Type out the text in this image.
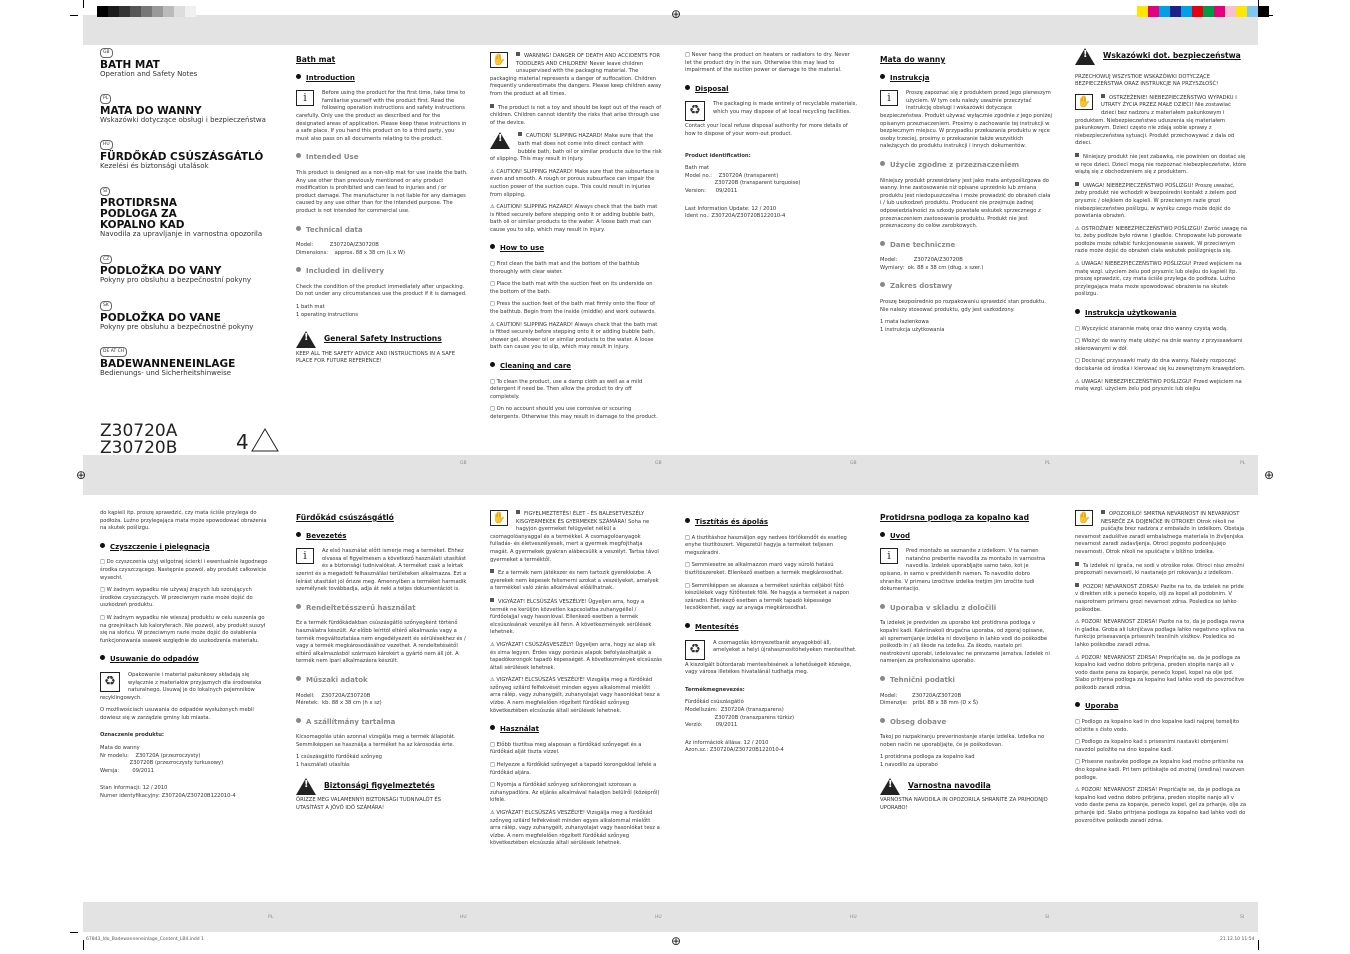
⊕
⊕
⊕	⊕
GB
BATH MAT
Operation and Safety Notes
PL
MATA DO WANNY
Wskazówki dotyczące obsługi i bezpieczeństwa
HU
FÜRDŐKÁD CSÚSZÁSGÁTLÓ
Kezelési és biztonsági utalások
SI
PROTIDRSNA PODLOGA ZA KOPALNO KAD
Navodila za upravljanje in varnostna opozorila
CZ
PODLOŽKA DO VANY
Pokyny pro obsluhu a bezpečnostní pokyny
SK
PODLOŽKA DO VANE
Pokyny pre obsluhu a bezpečnostné pokyny
DE AT CH
BADEWANNENEINLAGE
Bedienungs- und Sicherheitshinweise
Z30720A
Z30720B	4
Bath mat
Introduction

i	Before using the product for the first time, take time to familiarise yourself with the product first. Read the following operation instructions and safety instructions carefully. Only use the product as described and for the designated areas of application. Please keep these instructions in a safe place. If you hand this product on to a third party, you must also pass on all documents relating to the product.

Intended Use

This product is designed as a non-slip mat for use inside the bath. Any use other than previously mentioned or any product modification is prohibited and can lead to injuries and / or product damage. The manufacturer is not liable for any damages caused by any use other than for the intended purpose. The product is not intended for commercial use.

Technical data

Model:          Z30720A/Z30720B
Dimensions:    approx. 88 x 38 cm (L x W)

Included in delivery

Check the condition of the product immediately after unpacking. Do not under any circumstances use the product if it is damaged.

1 bath mat
1 operating instructions

!
General Safety Instructions

KEEP ALL THE SAFETY ADVICE AND INSTRUCTIONS IN A SAFE PLACE FOR FUTURE REFERENCE!

✋	WARNING! DANGER OF DEATH AND ACCIDENTS FOR TODDLERS AND CHILDREN! Never leave children unsupervised with the packaging material. The packaging material represents a danger of suffocation. Children frequently underestimate the dangers. Please keep children away from the product at all times.

The product is not a toy and should be kept out of the reach of children. Children cannot identify the risks that arise through use of the device.

!
CAUTION! SLIPPING HAZARD! Make sure that the bath mat does not come into direct contact with bubble bath, bath oil or similar products due to the risk of slipping. This may result in injury.

⚠ CAUTION! SLIPPING HAZARD! Make sure that the subsurface is even and smooth. A rough or porous subsurface can impair the suction power of the suction cups. This could result in injuries from slipping.

⚠ CAUTION! SLIPPING HAZARD! Always check that the bath mat is fitted securely before stepping onto it or adding bubble bath, bath oil or similar products to the water. A loose bath mat can cause you to slip, which may result in injury.

How to use

□ First clean the bath mat and the bottom of the bathtub thoroughly with clear water.

□ Place the bath mat with the suction feet on its underside on the bottom of the bath.

□ Press the suction feet of the bath mat firmly onto the floor of the bathtub. Begin from the inside (middle) and work outwards.

⚠ CAUTION! SLIPPING HAZARD! Always check that the bath mat is fitted securely before stepping onto it or adding bubble bath, shower gel, shower oil or similar products to the water. A loose bath can cause you to slip, which may result in injury.

Cleaning and care

□ To clean the product, use a damp cloth as well as a mild detergent if need be. Then allow the product to dry off completely.

□ On no account should you use corrosive or scouring detergents. Otherwise this may result in damage to the product.

□ Never hang the product on heaters or radiators to dry. Never let the product dry in the sun. Otherwise this may lead to impairment of the suction power or damage to the material.

Disposal

♻	The packaging is made entirely of recyclable materials, which you may dispose of at local recycling facilities.

Contact your local refuse disposal authority for more details of how to dispose of your worn-out product.

Product identification:

Bath mat
Model no.:    Z30720A (transparent)
Z30720B (transparent turquoise)
Version:      09/2011

Last Information Update: 12 / 2010
Ident no.: Z30720A/Z30720B122010-4

Mata do wanny
Instrukcja

i	Proszę zapoznać się z produktem przed jego pierwszym użyciem. W tym celu należy uważnie przeczytać instrukcję obsługi i wskazówki dotyczące bezpieczeństwa. Produkt używać wyłącznie zgodnie z jego poniżej opisanym przeznaczeniem. Prosimy o zachowanie tej instrukcji w bezpiecznym miejscu. W przypadku przekazania produktu w ręce osoby trzeciej, prosimy o przekazanie także wszystkich należących do produktu instrukcji i innych dokumentów.

Użycie zgodne z przeznaczeniem

Niniejszy produkt przewidziany jest jako mata antypoślizgowa do wanny. Inne zastosowanie niż opisane uprzednio lub zmiana produktu jest niedopuszczalna i może prowadzić do obrażeń ciała i / lub uszkodzeń produktu. Producent nie przejmuje żadnej odpowiedzialności za szkody powstałe wskutek sprzecznego z przeznaczeniem zastosowania produktu. Produkt nie jest przeznaczony do celów zarobkowych.

Dane techniczne

Model:          Z30720A/Z30720B
Wymiary:  ok. 88 x 38 cm (dług. x szer.)

Zakres dostawy

Proszę bezpośrednio po rozpakowaniu sprawdzić stan produktu. Nie należy stosować produktu, gdy jest uszkodzony.

1 mata łazienkowa
1 instrukcja użytkowania

!
Wskazówki dot. bezpieczeństwa

PRZECHOWUJ WSZYSTKIE WSKAZÓWKI DOTYCZĄCE BEZPIECZEŃSTWA ORAZ INSTRUKCJE NA PRZYSZŁOŚĆ!

✋	OSTRZEŻENIE! NIEBEZPIECZEŃSTWO WYPADKU I UTRATY ŻYCIA PRZEZ MAŁE DZIECI! Nie zostawiać dzieci bez nadzoru z materiałem pakunkowym i produktem. Niebezpieczeństwo uduszenia się materiałem pakunkowym. Dzieci często nie zdają sobie sprawy z niebezpieczeństwa sytuacji. Produkt przechowywać z dala od dzieci.

Niniejszy produkt nie jest zabawką, nie powinien on dostać się w ręce dzieci. Dzieci mogą nie rozpoznać niebezpieczeństw, które wiążą się z obchodzeniem się z produktem.

UWAGA! NIEBEZPIECZEŃSTWO POŚLIZGU! Proszę uważać, żeby produkt nie wchodził w bezpośredni kontakt z żelem pod prysznic / olejkiem do kąpieli. W przeciwnym razie grozi niebezpieczeństwo poślizgu, w wyniku czego może dojść do powstania obrażeń.

⚠ OSTROŻNIE! NIEBEZPIECZEŃSTWO POŚLIZGU! Zwróć uwagę na to, żeby podłoże było równe i gładkie. Chropowate lub porowate podłoże może ożłabić funkcjonowanie ssawek. W przeciwnym razie może dojść do obrażeń ciała wskutek poślizgnięcia się.

⚠ UWAGA! NIEBEZPIECZEŃSTWO POŚLIZGU! Przed wejściem na matę wzgl. użyciem żelu pod prysznic lub olejku do kąpieli itp. proszę sprawdzić, czy mata ściśle przylega do podłoża. Luźno przylegająca mata może spowodować obrażenia na skutek poślizgu.

Instrukcja użytkowania

□ Wyczyścić starannie matę oraz dno wanny czystą wodą.

□ Włożyć do wanny matę ułożyć na dnie wanny z przyssawkami skierowanymi w dół.

□ Docisnąć przyssawki maty do dna wanny. Należy rozpocząć dociskanie od środka i kierować się ku zewnętrznym krawędziom.

⚠ UWAGA! NIEBEZPIECZEŃSTWO POŚLIZGU! Przed wejściem na matę wzgl. użyciem żelu pod prysznic lub olejku

do kąpieli itp. proszę sprawdzić, czy mata ściśle przylega do podłoża. Luźno przylegająca mata może spowodować obrażenia na skutek poślizgu.

Czyszczenie i pielęgnacja

□ Do czyszczenia użyj wilgotnej ścierki i ewentualnie łagodnego środka czyszczącego. Następnie pozwól, aby produkt całkowicie wysechł.

□ W żadnym wypadku nie używaj żrących lub szorujących środków czyszczących. W przeciwnym razie może dojść do uszkodzeń produktu.

□ W żadnym wypadku nie wieszaj produktu w celu suszenia go na grzejnikach lub kaloryferach. Nie pozwól, aby produkt suszył się na słońcu. W przeciwnym razie może dojść do osłabienia funkcjonowania ssawek względnie do uszkodzenia materiału.

Usuwanie do odpadów

♻	Opakowanie i materiał pakunkowy składają się wyłącznie z materiałów przyjaznych dla środowiska naturalnego. Usuwaj je do lokalnych pojemników recyklingowych.

O możliwościach usuwania do odpadów wysłużonych mebli dowiesz się w zarządzie gminy lub miasta.

Oznaczenie produktu:

Mata do wanny
Nr modelu:    Z30720A (przezroczysty)
Z30720B (przezroczysty turkusowy)
Wersja:        09/2011

Stan informacji: 12 / 2010
Numer identyfikacyjny: Z30720A/Z30720B122010-4

Fürdőkád csúszásgátló
Bevezetés

i	Az első használat előtt ismerje meg a terméket. Ehhez olvassa el figyelmesen a következő használati utasítást és a biztonsági tudnivalókat. A terméket csak a leírtak szerint és a megadott felhasználási területeken alkalmazza. Ezt a leírást utasítást jól őrizze meg. Amennyiben a terméket harmadik személynek továbbadja, adja át neki a teljes dokumentációt is.

Rendeltetésszerű használat

Ez a termék fürdőkádakban csúszásgátló szőnyegként történő használatra készült. Az előbb leírttól eltérő alkalmazás vagy a termék megváltoztatása nem engedélyezett és sérülésekhez és / vagy a termék megkárosodásához vezethet. A rendeltetésétől eltérő alkalmazásból származó károkért a gyártó nem áll jót. A termék nem ipari alkalmazásra készült.

Műszaki adatok

Modell:    Z30720A/Z30720B
Méretek:  kb. 88 x 38 cm (h x sz)

A szállítmány tartalma

Kicsomagolás után azonnal vizsgálja meg a termék állapotát. Semmiképpen se használja a terméket ha az károsodás érte.

1 csúszásgátló fürdőkád szőnyeg
1 használati utasítás

!
Biztonsági figyelmeztetés

ŐRIZZE MEG VALAMENNYI BIZTONSÁGI TUDNIVALÓT ÉS UTASÍTÁST A JÖVŐ IDŐ SZÁMÁRA!

✋	FIGYELMEZTETÉS! ÉLET - ÉS BALESETVESZÉLY KISGYERMEKEK ÉS GYERMEKEK SZÁMÁRA! Soha ne hagyjon gyermeket felügyelet nélkül a csomagolóanyaggal és a termékkel. A csomagolóanyagok fulladás- és életveszélyesek, mert a gyermek megfojthatja magát. A gyermekek gyakran alábecsülik a veszélyt. Tartsa távol gyermeket a terméktől.

Ez a termék nem játékszer és nem tartozik gyerekkézbe. A gyerekek nem képesek felismerni azokat a veszélyeket, amelyek a termékkel való zárás alkalmával előállhatnak.

VIGYÁZAT! ELCSÚSZÁS VESZÉLYE! Ügyeljen arra, hogy a termék ne kerüljön közvetlen kapcsolatba zuhanygéllel / fürdőolajjal vagy hasonlóval. Ellenkező esetben a termék elcsúszásának veszélye áll fenn. A következmények sérülések lehetnek.

⚠ VIGYÁZAT! CSÚSZÁSVESZÉLY! Ügyeljen arra, hogy az alap sík és sima legyen. Érdes vagy porózus alapok befolyásolhatják a tapadókorongok tapadó képességét. A következmények elcsúszás általi sérülések lehetnek.

⚠ VIGYÁZAT! ELCSÚSZÁS VESZÉLYE! Vizsgálja meg a fürdőkád szőnyeg szilárd felfekvését minden egyes alkalommal mielőtt arra rálép, vagy zuhanygélt, zuhanyolajat vagy hasonlókat tesz a vízbe. A nem megfelelően rögzített fürdőkád szőnyeg következtében elcsúszás általi sérülések lehetnek.

Használat

□ Előbb tisztítsa meg alaposan a fürdőkád szőnyeget és a fürdőkád alját tiszta vízzel.

□ Helyezze a fürdőkád szőnyeget a tapadó korongokkal lefelé a fürdőkád aljára.

□ Nyomja a fürdőkád szőnyeg színkorongjait szorosan a zuhanypadlóra. Az eljárás alkalmával haladjon belülről (középről) kifelé.

⚠ VIGYÁZAT! ELCSÚSZÁS VESZÉLYE! Vizsgálja meg a fürdőkád szőnyeg szilárd felfekvését minden egyes alkalommal mielőtt arra rálép, vagy zuhanygélt, zuhanyolajat vagy hasonlókat tesz a vízbe. A nem megfelelően rögzített fürdőkád szőnyeg következtében elcsúszás általi sérülések lehetnek.

Tisztítás és ápolás

□ A tisztításhoz használjon egy nedves törlőkendőt és esetleg enyhe tisztítószert. Végezetül hagyja a terméket teljesen megszáradni.

□ Semmiesetre se alkalmazzon maró vagy súroló hatású tisztítószereket. Ellenkező esetben a termék megkárosodhat.

□ Semmiképpen se akassza a terméket szárítás céljából fűtő készülékek vagy fűtőtestek fölé. Ne hagyja a terméket a napon száradni. Ellenkező esetben a termék tapadó képessége lecsökkenhet, vagy az anyaga megkárosodhat.

Mentesítés

♻	A csomagolás környezetbarát anyagokból áll, amelyeket a helyi újrahasznosítóhelyeken mentesíthet.

A kiszolgált bútordarab mentesítésének a lehetőségeit községe, vagy városa illetékes hivatalánál tudhatja meg.

Termékmegnevezés:

Fürdőkád csúszásgátló
Modellszám:  Z30720A (transzparens)
Z30720B (transzparens türkiz)
Verzió:        09/2011

Az információk állása: 12 / 2010
Azon.sz.: Z30720A/Z30720B122010-4

Protidrsna podloga za kopalno kad
Uvod

i	Pred montažo se seznanite z izdelkom. V ta namen natančno preberite navodila za montažo in varnostna navodila. Izdelek uporabljajte samo tako, kot je opisano, in samo v predvidenih namen. To navodilo dobro shranite. V primeru izročitve izdelka tretjim jim izročite tudi dokumentacijo.

Uporaba v skladu z določili

Ta izdelek je predviden za uporabo kot protidrsna podloga v kopalni kadi. Kakršnakoli drugačna uporaba, od zgoraj opisane, ali sprememjanje izdelka ni dovoljeno in lahko vodi do poškodbe poškodb in / ali škode na izdelku. Za škodo, nastalo pri nestrokovni uporabi, izdelovalec ne prevzame jamstva. Izdelek ni namenjen za profesionalno uporabo.

Tehnični podatki

Model:         Z30720A/Z30720B
Dimenzije:   pribl. 88 x 38 mm (D x Š)

Obseg dobave

Takoj po razpakiranju preverinostanje stanje izdelka. Izdelka no noben način ne uporabljajte, če je poškodovan.

1 protidrsna podloga za kopalno kad
1 navodilo za uporabo

!
Varnostna navodila

VARNOSTNA NAVODILA IN OPOZORILA SHRANITE ZA PRIHODNJO UPORABO!

✋	OPOZORILO! SMRTNA NEVARNOST IN NEVARNOST NESREČE ZA DOJENČKE IN OTROKE! Otrok nikoli ne puščajte brez nadzora z embalažo in izdelkom. Obstaja nevarnost zadušitve zaradi embalažnega materiala in življenjska nevarnost zaradi zadavljenja. Otroci pogosto podcenjujejo nevarnosti. Otrok nikoli ne spuščajte v bližino izdelka.

Ta izdelek ni igrača, ne sodi v otroške roke. Otroci niso zmožni prepoznati nevarnosti, ki nastanejo pri rokovanju z izdelkom.

POZOR! NEVARNOST ZDRSA! Pazite na to, da izdelek ne pride v direkten stik s penečo kopelo, olji za kopel ali podobnim. V nasprotnem primeru grozi nevarnost zdrsa. Posledica so lahko poškodbe.

⚠ POZOR! NEVARNOST ZDRSA! Pazite na to, da je podlaga ravna in gladka. Groba ali luknjičava podlaga lahko negativno vpliva na funkcijo prisesavanja prisesnih tesnilnih vložkov. Posledica so lahko poškodbe zaradi zdrsa.

⚠ POZOR! NEVARNOST ZDRSA! Prepričajte se, da je podloga za kopalno kad vedno dobro pritrjena, preden stopite nanjo ali v vodo daste pena za kopanje, penečo kopel, kopel na olje ipd. Slabo pritrjena podloga za kopalno kad lahko vodi do povzročitve poškodb zaradi zdrsa.

Uporaba

□ Podlogo za kopalno kad in dno kopalne kadi najprej temeljito očistite s čisto vodo.

□ Podlogo za kopalno kad s prisesnimi nastavki obmjenimi navzdol položite na dno kopalne kadi.

□ Prisesne nastavke podloge za kopalno kad močno pritisnite na dno kopalne kadi. Pri tem pritiskajte od znotraj (sredina) navzven podloge.

⚠ POZOR! NEVARNOST ZDRSA! Prepričajte se, da je podloga za kopalno kad vedno dobro pritrjena, preden stopite nanjo ali v vodo daste pena za kopanje, penečo kopel, gel za prhanje, olje za prhanje ipd. Slabo pritrjena podloga za kopalno kad lahko vodi do povzročitve poškodb zaradi zdrsa.

GB	GB	GB	PL	PL
PL	HU	HU	HU	SI	SI
67843_Ido_Badewanneneinlage_Content_LB4.indd 1	21.12.10 11:54
